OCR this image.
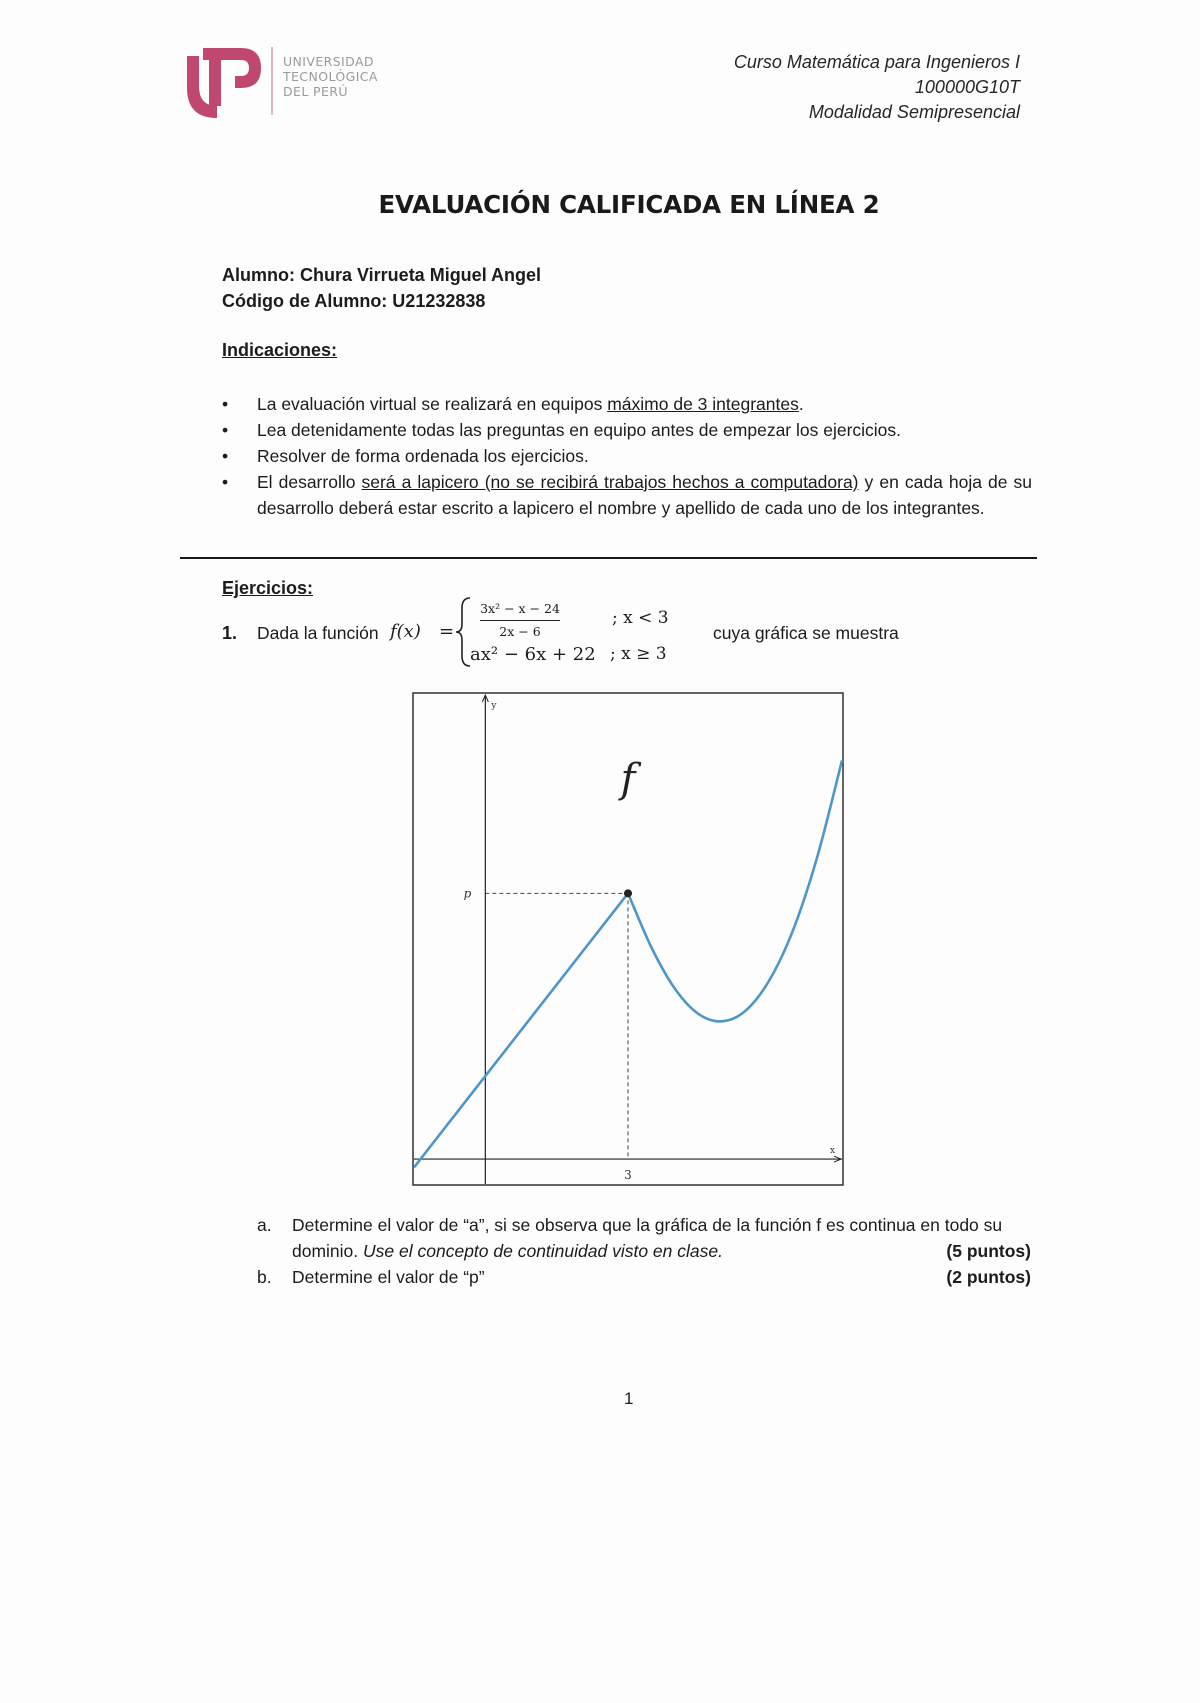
UNIVERSIDAD
TECNOLÓGICA
DEL PERÚ
Curso Matemática para Ingenieros I
100000G10T
Modalidad Semipresencial
EVALUACIÓN CALIFICADA EN LÍNEA 2
Alumno: Chura Virrueta Miguel Angel
Código de Alumno: U21232838
Indicaciones:
•	La evaluación virtual se realizará en equipos máximo de 3 integrantes.
•	Lea detenidamente todas las preguntas en equipo antes de empezar los ejercicios.
•	Resolver de forma ordenada los ejercicios.
•	El desarrollo será a lapicero (no se recibirá trabajos hechos a computadora) y en cada hoja de su desarrollo deberá estar escrito a lapicero el nombre y apellido de cada uno de los integrantes.
Ejercicios:
1. Dada la función f(x) =
3x² − x − 24
2x − 6
; x < 3
ax² − 6x + 22 ; x ≥ 3
cuya gráfica se muestra
3
p
y
x
f
a. Determine el valor de “a”, si se observa que la gráfica de la función f es continua en todo su dominio. Use el concepto de continuidad visto en clase.	(5 puntos)
b. Determine el valor de “p”	(2 puntos)
1
